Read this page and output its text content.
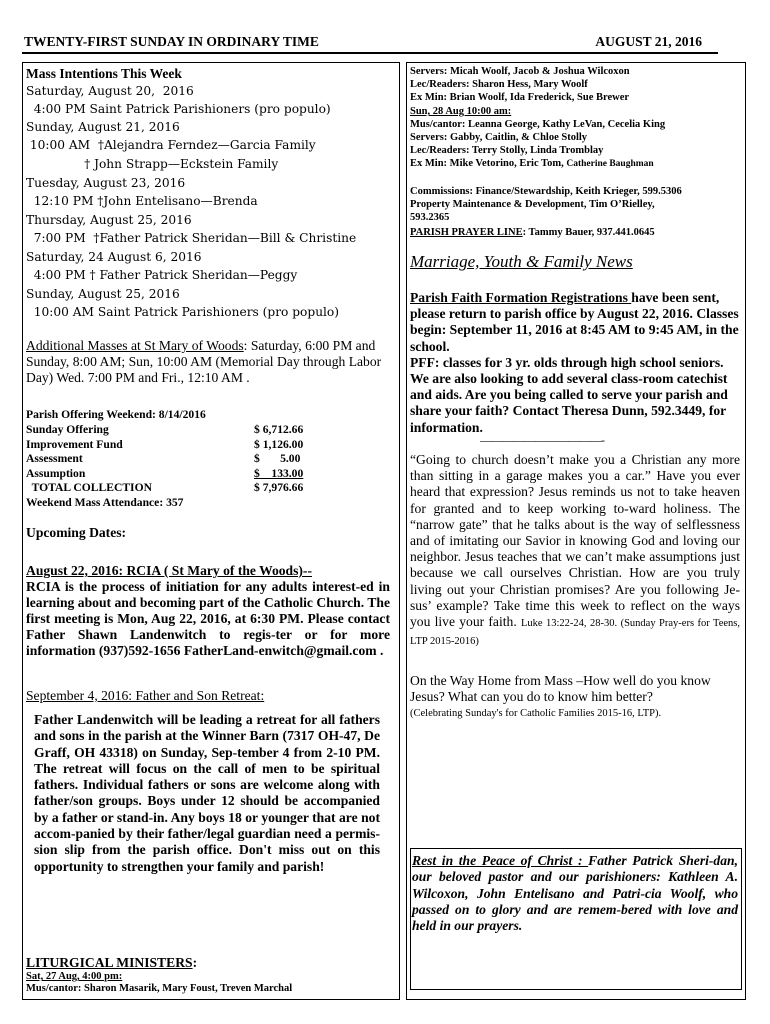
TWENTY-FIRST SUNDAY IN ORDINARY TIME	AUGUST 21, 2016
Mass Intentions This Week
Saturday, August 20,  2016
4:00 PM Saint Patrick Parishioners (pro populo)
Sunday, August 21, 2016
10:00 AM  †Alejandra Ferndez—Garcia Family
† John Strapp—Eckstein Family
Tuesday, August 23, 2016
12:10 PM †John Entelisano—Brenda
Thursday, August 25, 2016
7:00 PM  †Father Patrick Sheridan—Bill & Christine
Saturday, 24 August 6, 2016
4:00 PM † Father Patrick Sheridan—Peggy
Sunday, August 25, 2016
10:00 AM Saint Patrick Parishioners (pro populo)
Additional Masses at St Mary of Woods: Saturday, 6:00 PM and Sunday, 8:00 AM; Sun, 10:00 AM (Memorial Day through Labor Day) Wed. 7:00 PM and Fri., 12:10 AM .
Parish Offering Weekend: 8/14/2016
Sunday Offering	$ 6,712.66
Improvement Fund	$ 1,126.00
Assessment	$       5.00
Assumption	$    133.00
TOTAL COLLECTION	$ 7,976.66
Weekend Mass Attendance: 357
Upcoming Dates:
August 22, 2016: RCIA ( St Mary of the Woods)--
RCIA is the process of initiation for any adults interest-ed in learning about and becoming part of the Catholic Church. The first meeting is Mon, Aug 22, 2016, at 6:30 PM. Please contact Father Shawn Landenwitch to regis-ter or for more information (937)592-1656 FatherLand-enwitch@gmail.com .
September 4, 2016: Father and Son Retreat:
Father Landenwitch will be leading a retreat for all fathers and sons in the parish at the Winner Barn (7317 OH-47, De Graff, OH 43318) on Sunday, Sep-tember 4 from 2-10 PM. The retreat will focus on the call of men to be spiritual fathers. Individual fathers or sons are welcome along with father/son groups. Boys under 12 should be accompanied by a father or stand-in. Any boys 18 or younger that are not accom-panied by their father/legal guardian need a permis-sion slip from the parish office. Don't miss out on this opportunity to strengthen your family and parish!
LITURGICAL MINISTERS:
Sat, 27 Aug, 4:00 pm:
Mus/cantor: Sharon Masarik, Mary Foust, Treven Marchal
Servers: Micah Woolf, Jacob & Joshua Wilcoxon
Lec/Readers: Sharon Hess, Mary Woolf
Ex Min: Brian Woolf, Ida Frederick, Sue Brewer
Sun, 28 Aug 10:00 am:
Mus/cantor: Leanna George, Kathy LeVan, Cecelia King
Servers: Gabby, Caitlin, & Chloe Stolly
Lec/Readers: Terry Stolly, Linda Tromblay
Ex Min: Mike Vetorino, Eric Tom, Catherine Baughman
Commissions: Finance/Stewardship, Keith Krieger, 599.5306
Property Maintenance & Development, Tim O’Rielley,
593.2365
PARISH PRAYER LINE: Tammy Bauer, 937.441.0645
Marriage, Youth & Family News
Parish Faith Formation Registrations have been sent, please return to parish office by August 22, 2016. Classes begin: September 11, 2016 at 8:45 AM to 9:45 AM, in the school.
PFF: classes for 3 yr. olds through high school seniors. We are also looking to add several class-room catechist and aids. Are you being called to serve your parish and share your faith? Contact Theresa Dunn, 592.3449, for information.
———————————-
“Going to church doesn’t make you a Christian any more than sitting in a garage makes you a car.” Have you ever heard that expression? Jesus reminds us not to take heaven for granted and to keep working to-ward holiness. The “narrow gate” that he talks about is the way of selflessness and of imitating our Savior in knowing God and loving our neighbor. Jesus teaches that we can’t make assumptions just because we call ourselves Christian. How are you truly living out your Christian promises? Are you following Je-sus’ example? Take time this week to reflect on the ways you live your faith. Luke 13:22-24, 28-30. (Sunday Pray-ers for Teens, LTP 2015-2016)
On the Way Home from Mass –How well do you know Jesus? What can you do to know him better?
(Celebrating Sunday's for Catholic Families 2015-16, LTP).
Rest in the Peace of Christ : Father Patrick Sheri-dan, our beloved pastor and our parishioners: Kathleen A. Wilcoxon, John Entelisano and Patri-cia Woolf, who passed on to glory and are remem-bered with love and held in our prayers.
